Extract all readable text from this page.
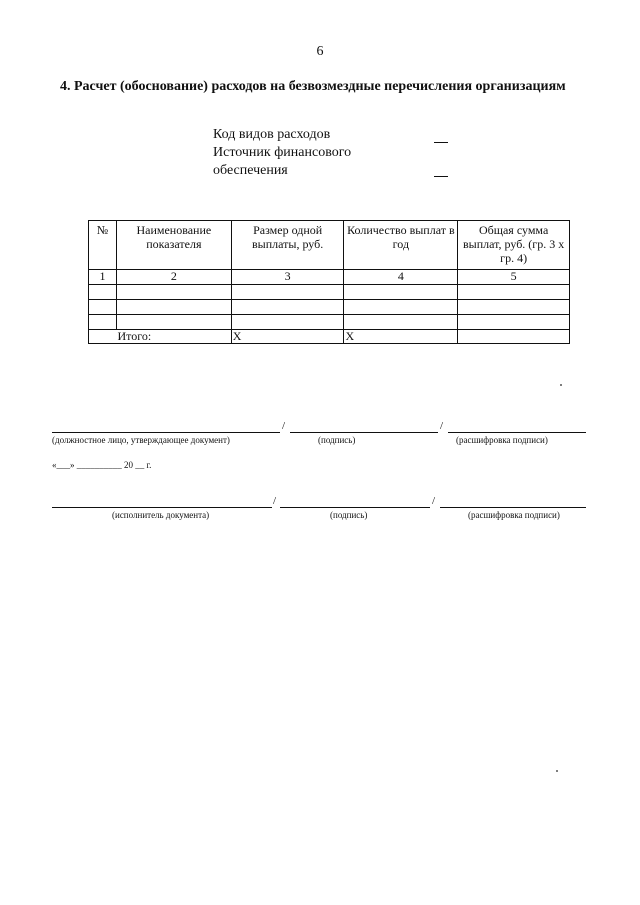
6
4. Расчет (обоснование) расходов на безвозмездные перечисления организациям
Код видов расходов
Источник финансового
обеспечения
№	Наименование показателя	Размер одной выплаты, руб.	Количество выплат в год	Общая сумма выплат, руб. (гр. 3 х гр. 4)
1	2	3	4	5

	Итого:	X	X	
/	/
(должностное лицо, утверждающее документ)	(подпись)	(расшифровка подписи)
«___» __________ 20 __ г.
/	/
(исполнитель документа)	(подпись)	(расшифровка подписи)
